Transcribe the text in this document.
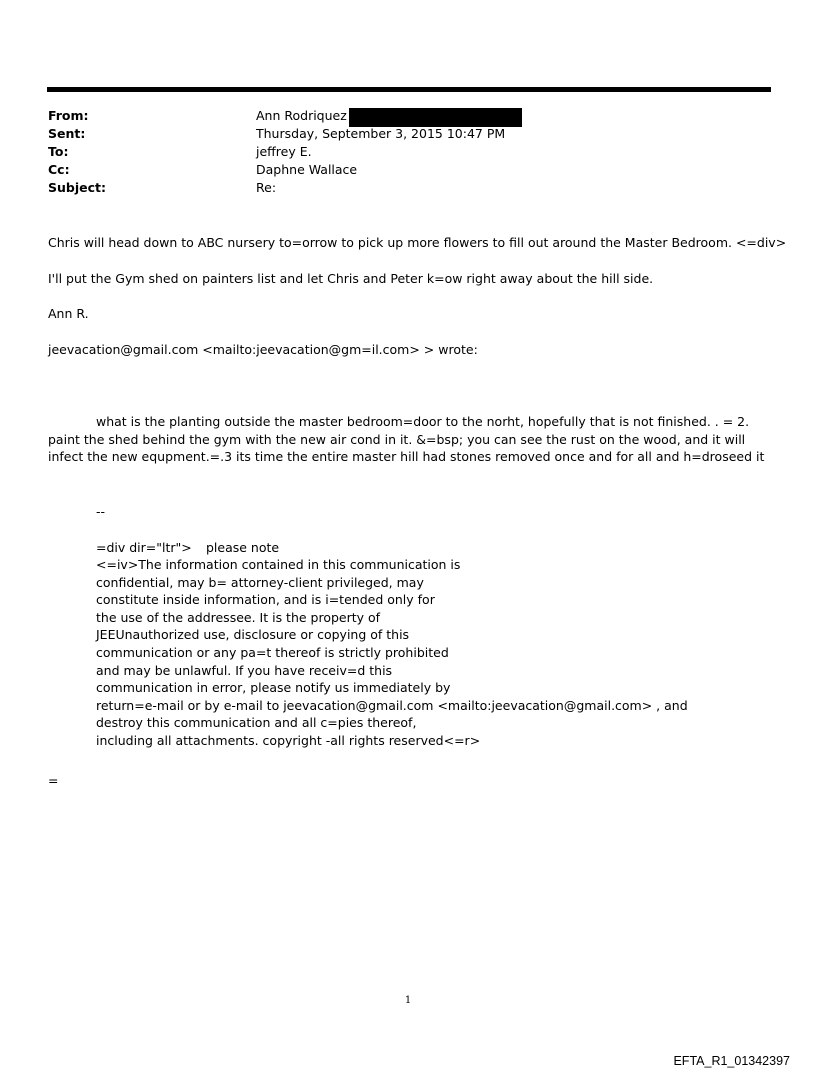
From:	Ann Rodriquez
Sent:	Thursday, September 3, 2015 10:47 PM
To:	jeffrey E.
Cc:	Daphne Wallace
Subject:	Re:
Chris will head down to ABC nursery to=orrow to pick up more flowers to fill out around the Master Bedroom. <=div>
I'll put the Gym shed on painters list and let Chris and Peter k=ow right away about the hill side.
Ann R.
jeevacation@gmail.com <mailto:jeevacation@gm=il.com> > wrote:
what is the planting outside the master bedroom=door to the norht, hopefully that is not finished. . = 2. paint the shed behind the gym with the new air cond in it. &=bsp; you can see the rust on the wood, and it will infect the new equpment.=.3 its time the entire master hill had stones removed once and for all and h=droseed it
--
=div dir="ltr"> please note
<=iv>The information contained in this communication is
confidential, may b= attorney-client privileged, may
constitute inside information, and is i=tended only for
the use of the addressee. It is the property of
JEEUnauthorized use, disclosure or copying of this
communication or any pa=t thereof is strictly prohibited
and may be unlawful. If you have receiv=d this
communication in error, please notify us immediately by
return=e-mail or by e-mail to jeevacation@gmail.com <mailto:jeevacation@gmail.com> , and
destroy this communication and all c=pies thereof,
including all attachments. copyright -all rights reserved<=r>
=
1
EFTA_R1_01342397
